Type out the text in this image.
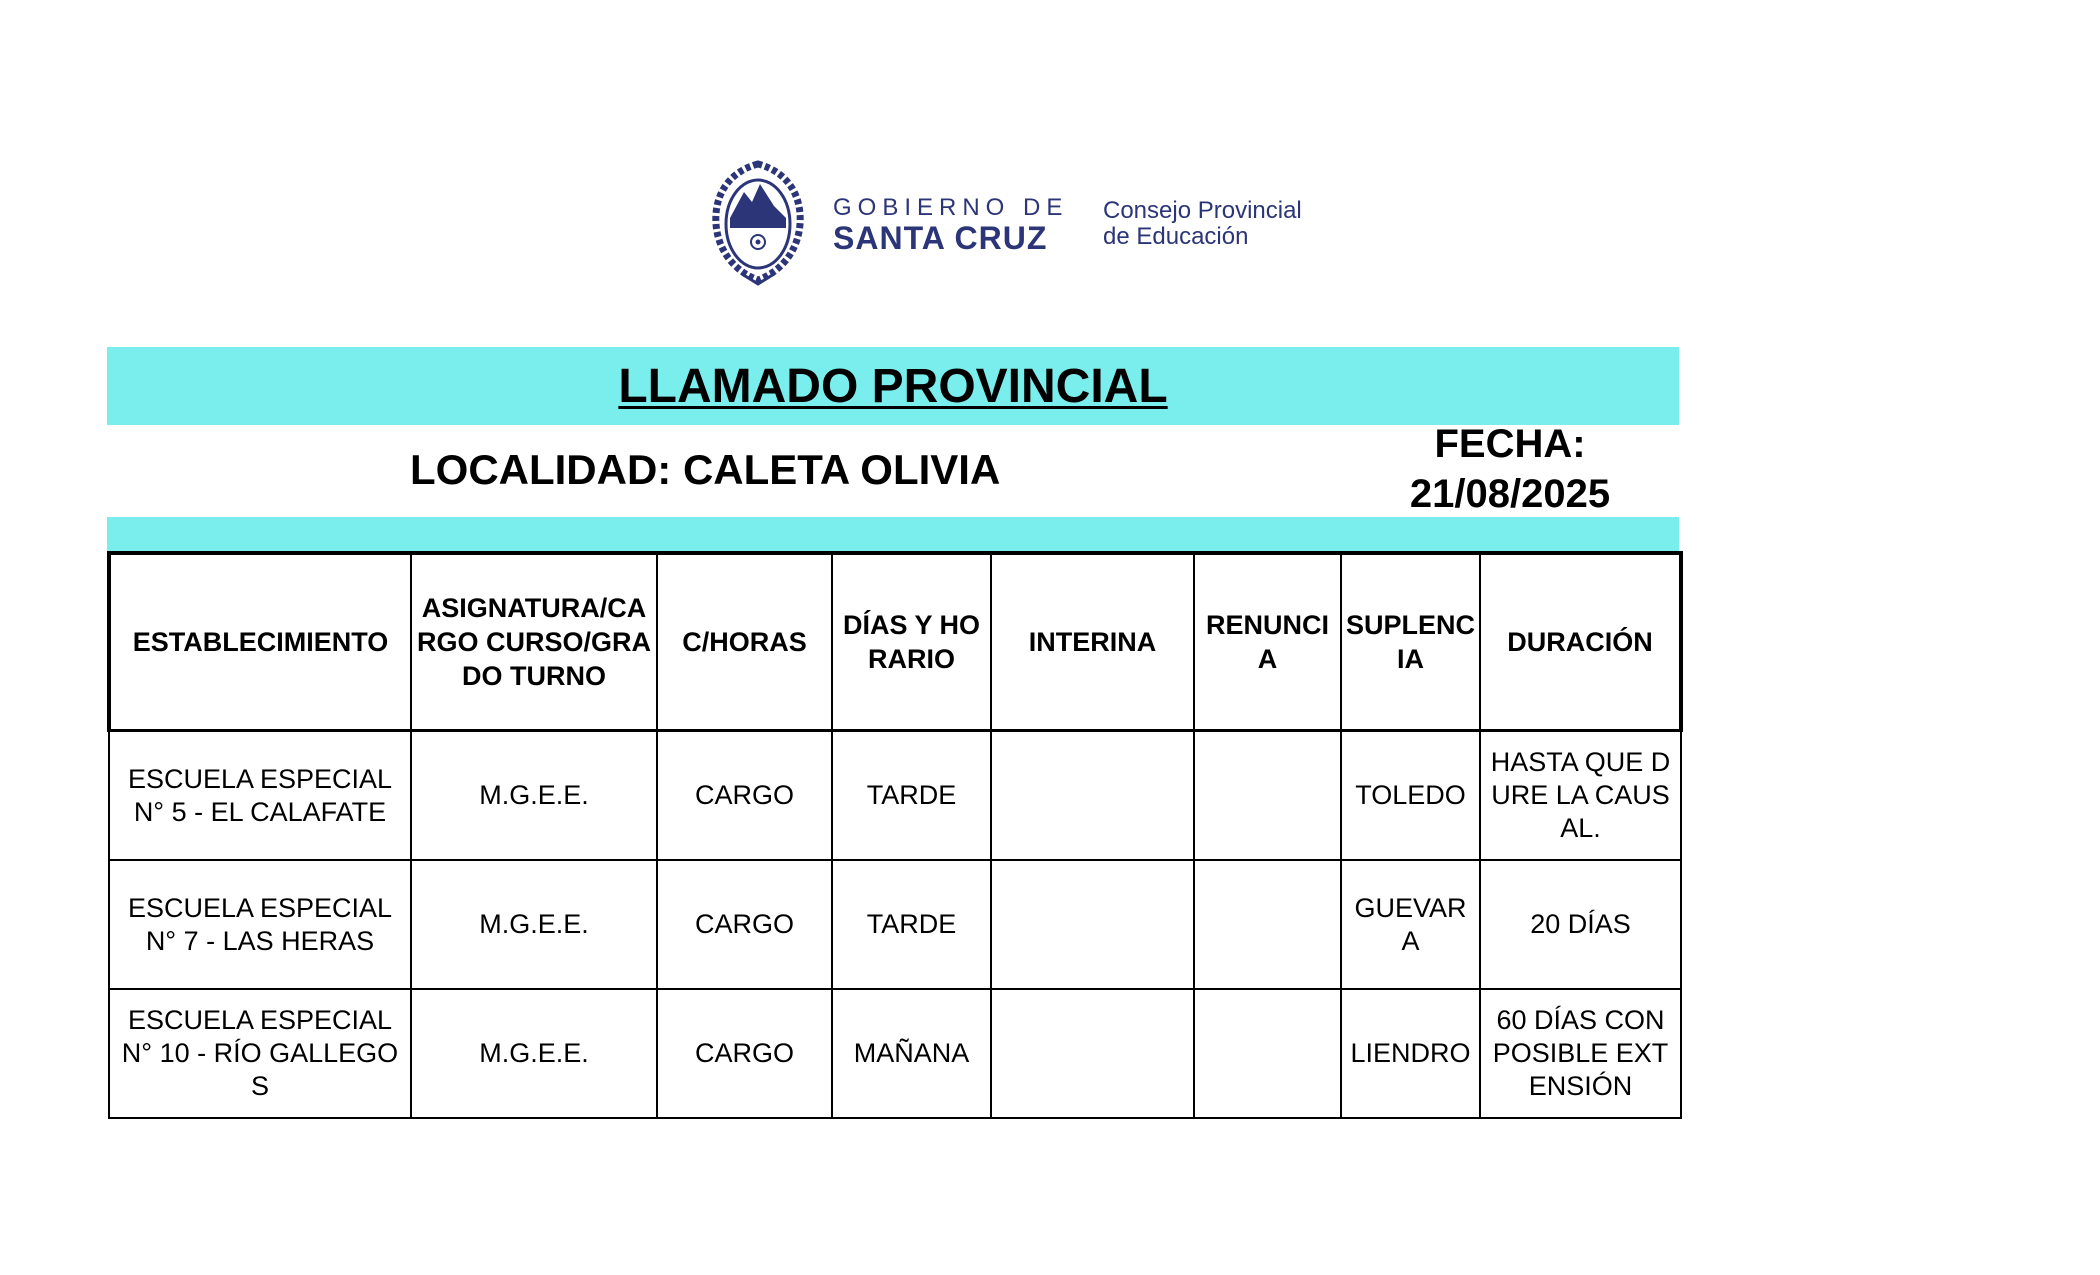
GOBIERNO DE
SANTA CRUZ
Consejo Provincial
de Educación
LLAMADO PROVINCIAL
LOCALIDAD: CALETA OLIVIA
FECHA:
21/08/2025
ESTABLECIMIENTO	ASIGNATURA/CARGO CURSO/GRADO TURNO	C/HORAS	DÍAS Y HORARIO	INTERINA	RENUNCIA	SUPLENCIA	DURACIÓN
ESCUELA ESPECIAL N° 5 - EL CALAFATE	M.G.E.E.	CARGO	TARDE			TOLEDO	HASTA QUE DURE LA CAUSAL.
ESCUELA ESPECIAL N° 7 - LAS HERAS	M.G.E.E.	CARGO	TARDE			GUEVARA	20 DÍAS
ESCUELA ESPECIAL N° 10 - RÍO GALLEGOS	M.G.E.E.	CARGO	MAÑANA			LIENDRO	60 DÍAS CON POSIBLE EXTENSIÓN
